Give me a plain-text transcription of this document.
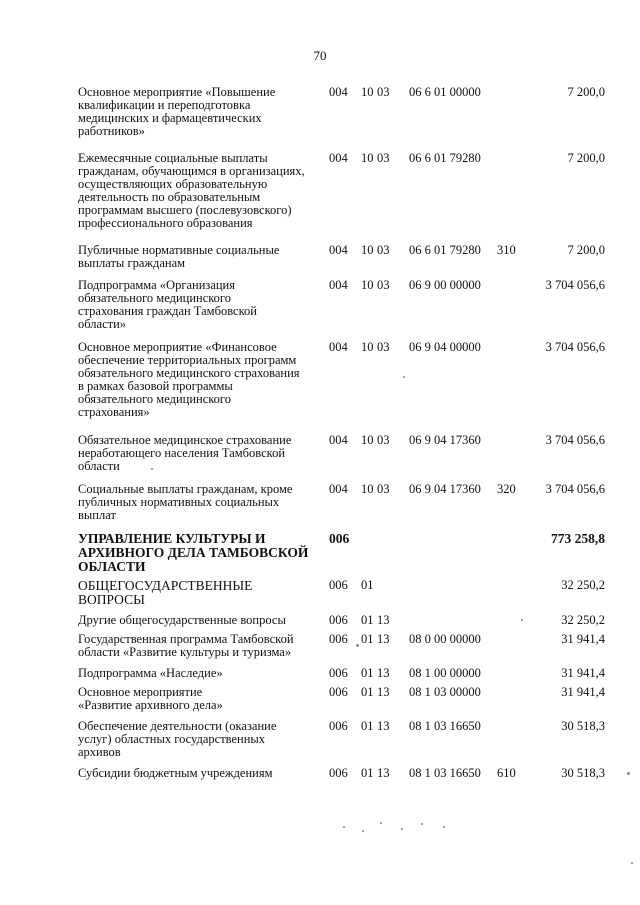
70
Основное мероприятие «Повышение
квалификации и переподготовка
медицинских и фармацевтических
работников»
004 10 03 06 6 01 00000	7 200,0
Ежемесячные социальные выплаты
гражданам, обучающимся в организациях,
осуществляющих образовательную
деятельность по образовательным
программам высшего (послевузовского)
профессионального образования
004 10 03 06 6 01 79280	7 200,0
Публичные нормативные социальные
выплаты гражданам
004 10 03 06 6 01 79280 310	7 200,0
Подпрограмма «Организация
обязательного медицинского
страхования граждан Тамбовской
области»
004 10 03 06 9 00 00000	3 704 056,6
Основное мероприятие «Финансовое
обеспечение территориальных программ
обязательного медицинского страхования
в рамках базовой программы
обязательного медицинского
страхования»
004 10 03 06 9 04 00000	3 704 056,6
Обязательное медицинское страхование
неработающего населения Тамбовской
области
004 10 03 06 9 04 17360	3 704 056,6
Социальные выплаты гражданам, кроме
публичных нормативных социальных
выплат
004 10 03 06 9 04 17360 320 3 704 056,6
УПРАВЛЕНИЕ КУЛЬТУРЫ И
АРХИВНОГО ДЕЛА ТАМБОВСКОЙ
ОБЛАСТИ
006	773 258,8
ОБЩЕГОСУДАРСТВЕННЫЕ
ВОПРОСЫ
006 01	32 250,2
Другие общегосударственные вопросы	006 01 13	32 250,2
Государственная программа Тамбовской
области «Развитие культуры и туризма»
006 01 13 08 0 00 00000	31 941,4
Подпрограмма «Наследие»	006 01 13 08 1 00 00000	31 941,4
Основное мероприятие
«Развитие архивного дела»
006 01 13 08 1 03 00000	31 941,4
Обеспечение деятельности (оказание
услуг) областных государственных
архивов
006 01 13 08 1 03 16650	30 518,3
Субсидии бюджетным учреждениям	006 01 13 08 1 03 16650 610	30 518,3
